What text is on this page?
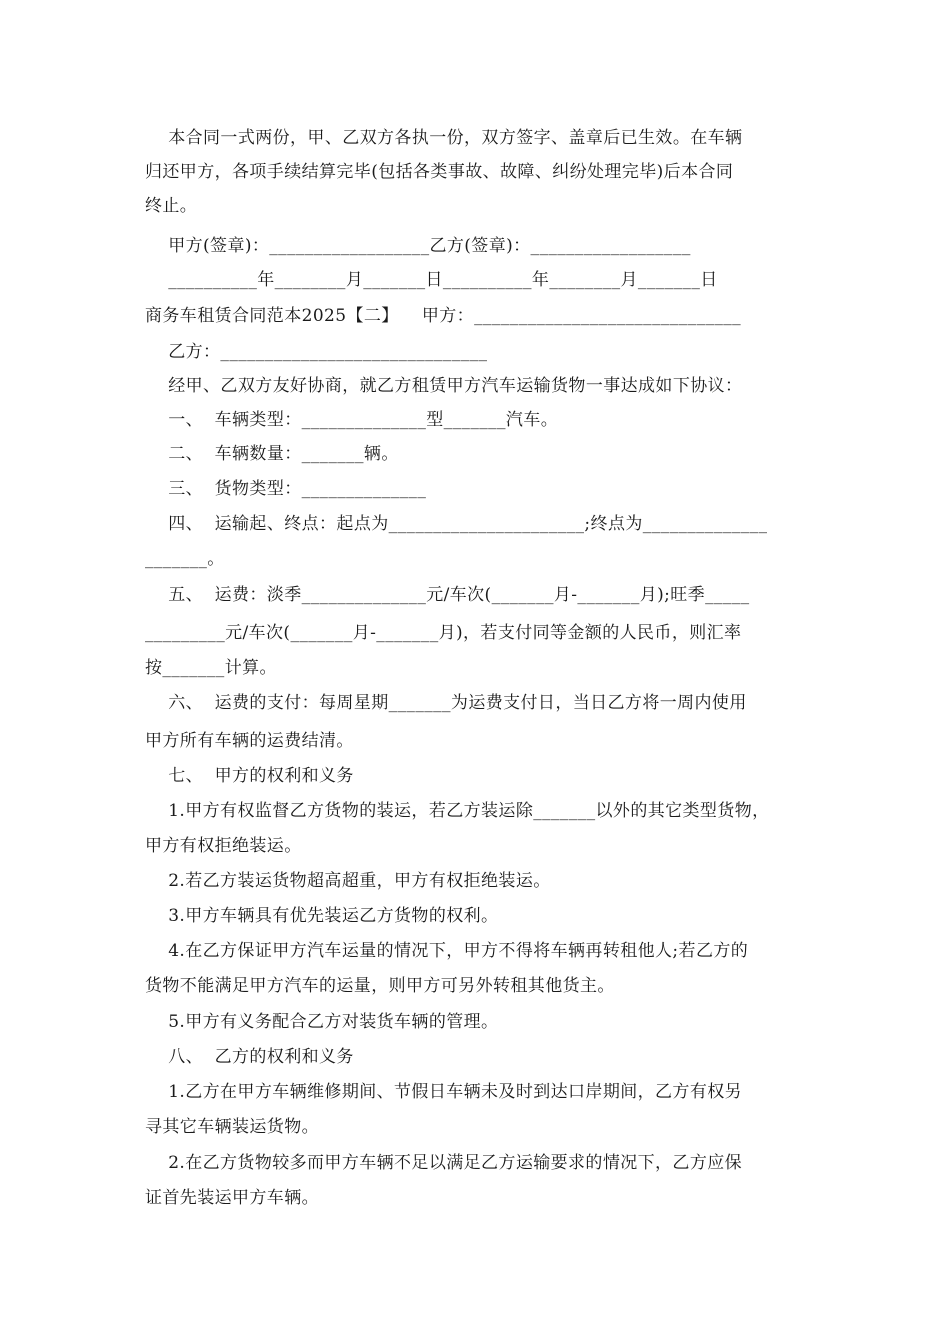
本合同一式两份，甲、乙双方各执一份，双方签字、盖章后已生效。在车辆
归还甲方，各项手续结算完毕(包括各类事故、故障、纠纷处理完毕)后本合同
终止。
甲方(签章)：__________________乙方(签章)：__________________
__________年________月_______日__________年________月_______日
商务车租赁合同范本2025【二】    甲方：______________________________
乙方：______________________________
经甲、乙双方友好协商，就乙方租赁甲方汽车运输货物一事达成如下协议：
一、  车辆类型：______________型_______汽车。
二、  车辆数量：_______辆。
三、  货物类型：______________
四、  运输起、终点：起点为______________________;终点为______________
_______。
五、  运费：淡季______________元/车次(_______月-_______月);旺季_____
_________元/车次(_______月-_______月)，若支付同等金额的人民币，则汇率
按_______计算。
六、  运费的支付：每周星期_______为运费支付日，当日乙方将一周内使用
甲方所有车辆的运费结清。
七、  甲方的权利和义务
1.甲方有权监督乙方货物的装运，若乙方装运除_______以外的其它类型货物，
甲方有权拒绝装运。
2.若乙方装运货物超高超重，甲方有权拒绝装运。
3.甲方车辆具有优先装运乙方货物的权利。
4.在乙方保证甲方汽车运量的情况下，甲方不得将车辆再转租他人;若乙方的
货物不能满足甲方汽车的运量，则甲方可另外转租其他货主。
5.甲方有义务配合乙方对装货车辆的管理。
八、  乙方的权利和义务
1.乙方在甲方车辆维修期间、节假日车辆未及时到达口岸期间，乙方有权另
寻其它车辆装运货物。
2.在乙方货物较多而甲方车辆不足以满足乙方运输要求的情况下，乙方应保
证首先装运甲方车辆。
